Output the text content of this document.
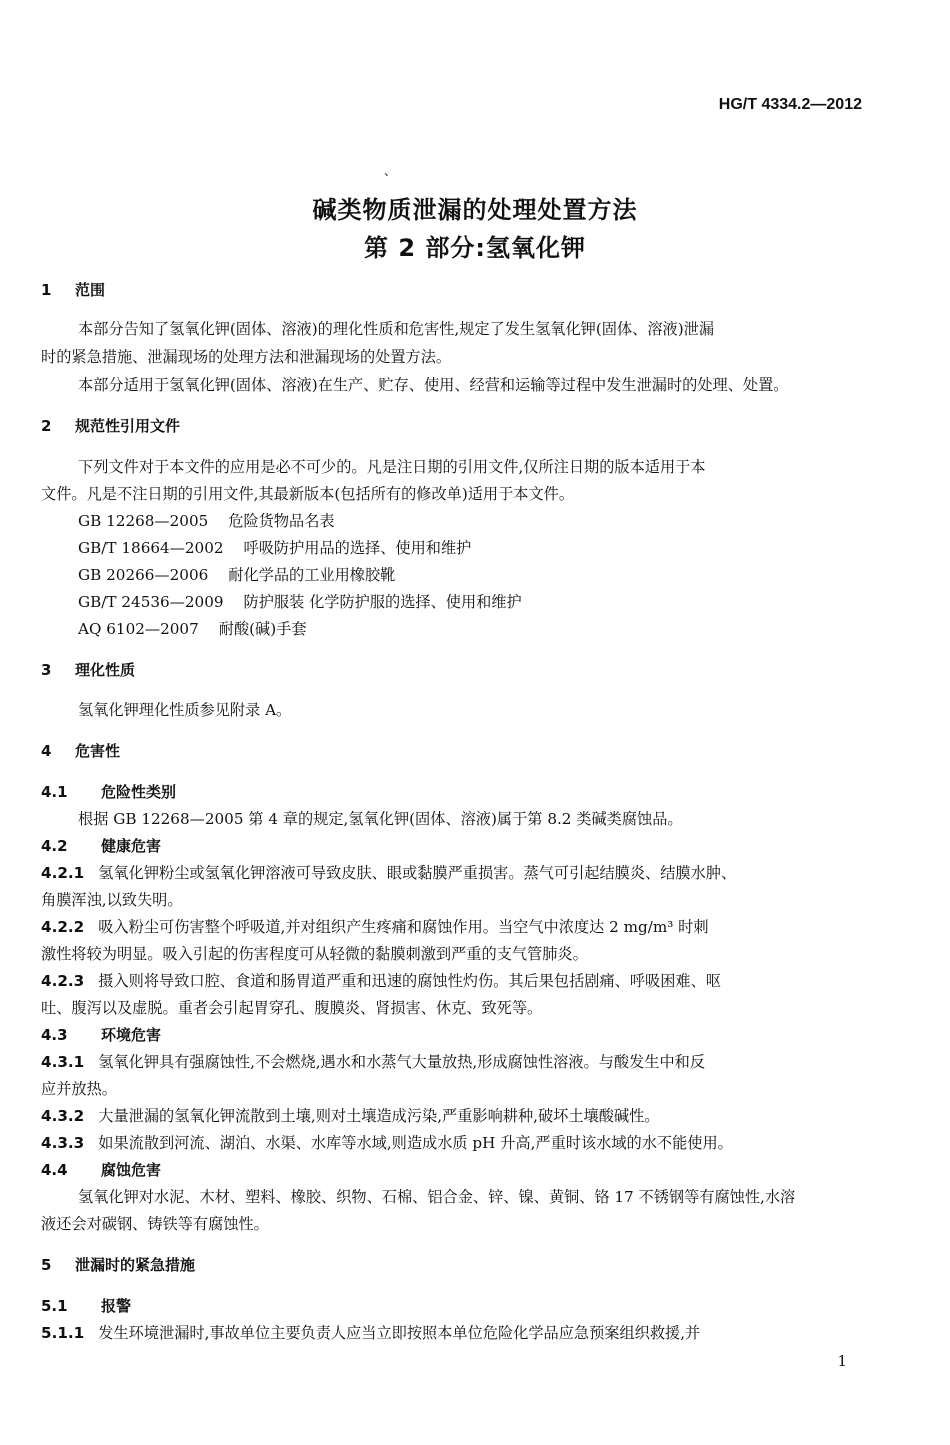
HG/T 4334.2—2012
、
碱类物质泄漏的处理处置方法
第 2 部分:氢氧化钾
1 范围
本部分告知了氢氧化钾(固体、溶液)的理化性质和危害性,规定了发生氢氧化钾(固体、溶液)泄漏
时的紧急措施、泄漏现场的处理方法和泄漏现场的处置方法。
本部分适用于氢氧化钾(固体、溶液)在生产、贮存、使用、经营和运输等过程中发生泄漏时的处理、处置。
2 规范性引用文件
下列文件对于本文件的应用是必不可少的。凡是注日期的引用文件,仅所注日期的版本适用于本
文件。凡是不注日期的引用文件,其最新版本(包括所有的修改单)适用于本文件。
GB 12268—2005 危险货物品名表
GB/T 18664—2002 呼吸防护用品的选择、使用和维护
GB 20266—2006 耐化学品的工业用橡胶靴
GB/T 24536—2009 防护服装 化学防护服的选择、使用和维护
AQ 6102—2007 耐酸(碱)手套
3 理化性质
氢氧化钾理化性质参见附录 A。
4 危害性
4.1 危险性类别
根据 GB 12268—2005 第 4 章的规定,氢氧化钾(固体、溶液)属于第 8.2 类碱类腐蚀品。
4.2 健康危害
4.2.1 氢氧化钾粉尘或氢氧化钾溶液可导致皮肤、眼或黏膜严重损害。蒸气可引起结膜炎、结膜水肿、
角膜浑浊,以致失明。
4.2.2 吸入粉尘可伤害整个呼吸道,并对组织产生疼痛和腐蚀作用。当空气中浓度达 2 mg/m³ 时刺
激性将较为明显。吸入引起的伤害程度可从轻微的黏膜刺激到严重的支气管肺炎。
4.2.3 摄入则将导致口腔、食道和肠胃道严重和迅速的腐蚀性灼伤。其后果包括剧痛、呼吸困难、呕
吐、腹泻以及虚脱。重者会引起胃穿孔、腹膜炎、肾损害、休克、致死等。
4.3 环境危害
4.3.1 氢氧化钾具有强腐蚀性,不会燃烧,遇水和水蒸气大量放热,形成腐蚀性溶液。与酸发生中和反
应并放热。
4.3.2 大量泄漏的氢氧化钾流散到土壤,则对土壤造成污染,严重影响耕种,破坏土壤酸碱性。
4.3.3 如果流散到河流、湖泊、水渠、水库等水域,则造成水质 pH 升高,严重时该水域的水不能使用。
4.4 腐蚀危害
氢氧化钾对水泥、木材、塑料、橡胶、织物、石棉、铝合金、锌、镍、黄铜、铬 17 不锈钢等有腐蚀性,水溶
液还会对碳钢、铸铁等有腐蚀性。
5 泄漏时的紧急措施
5.1 报警
5.1.1 发生环境泄漏时,事故单位主要负责人应当立即按照本单位危险化学品应急预案组织救援,并
1
